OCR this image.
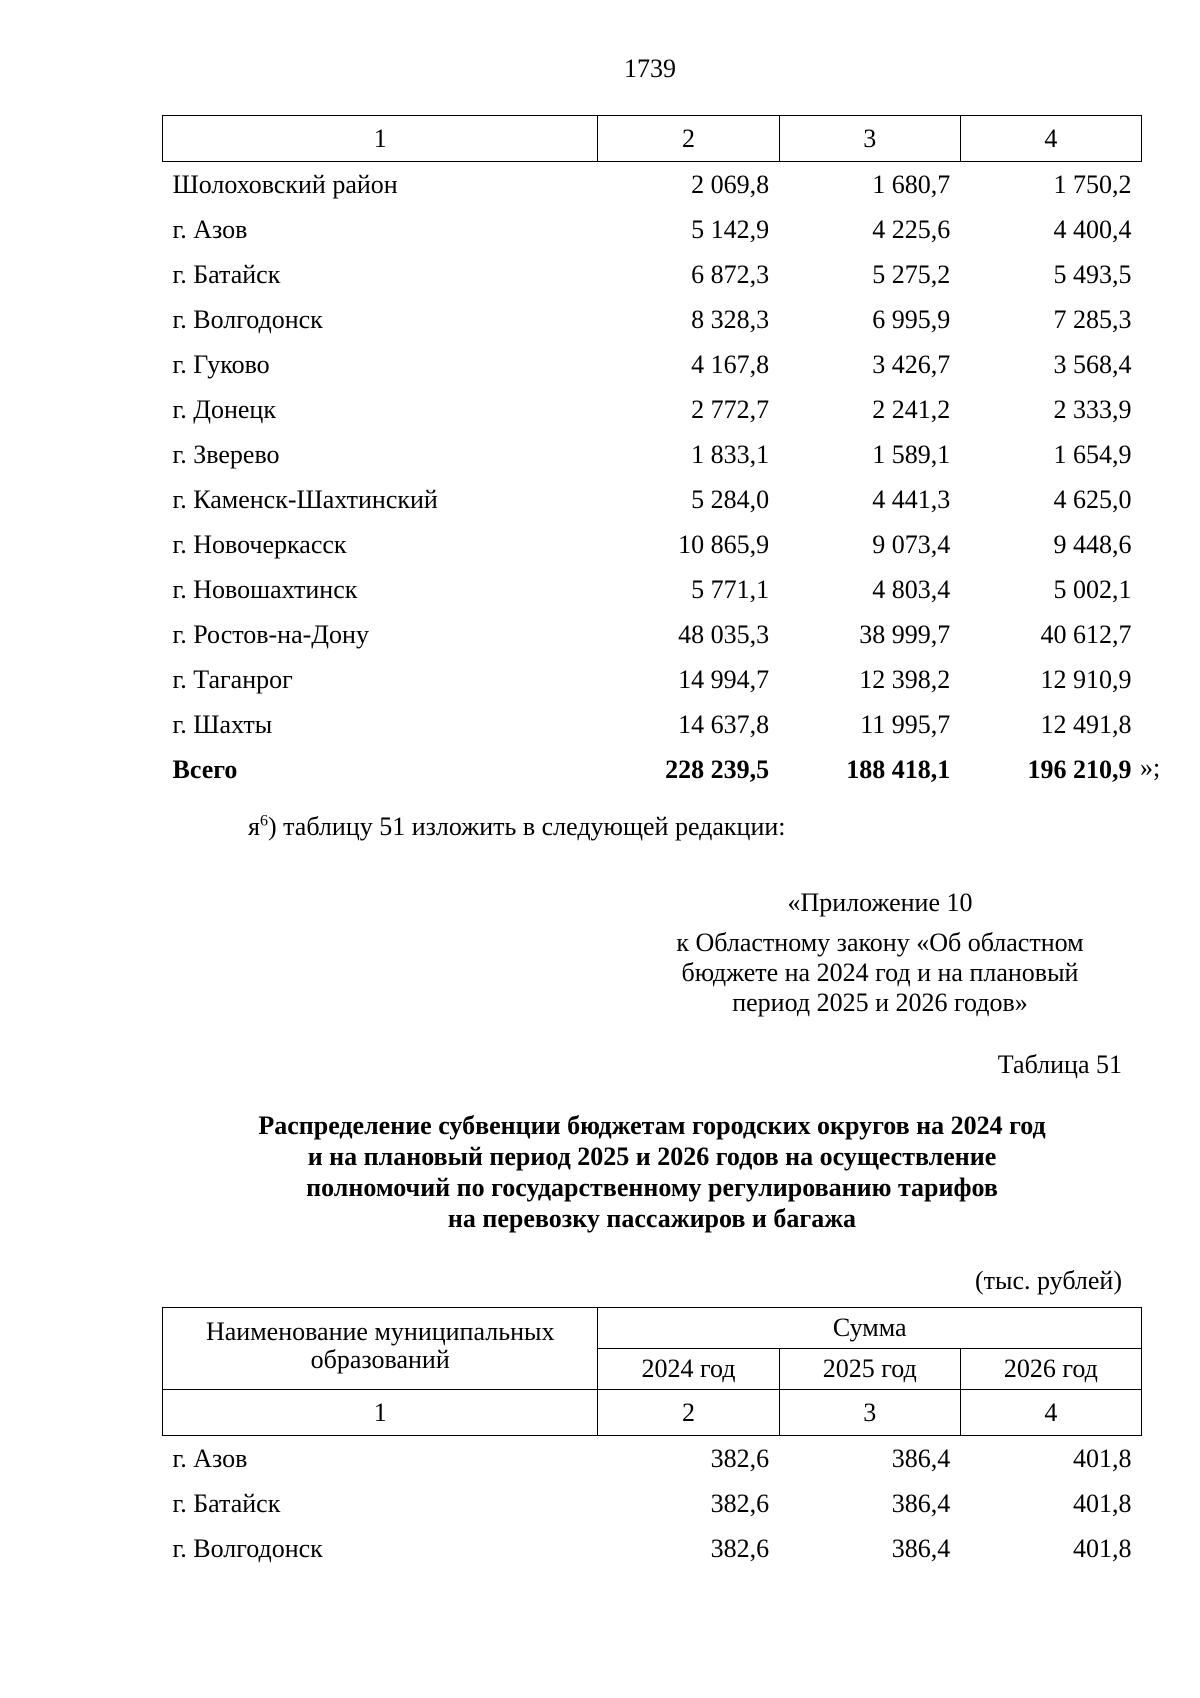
1739
1	2	3	4
Шолоховский район	2 069,8	1 680,7	1 750,2
г. Азов	5 142,9	4 225,6	4 400,4
г. Батайск	6 872,3	5 275,2	5 493,5
г. Волгодонск	8 328,3	6 995,9	7 285,3
г. Гуково	4 167,8	3 426,7	3 568,4
г. Донецк	2 772,7	2 241,2	2 333,9
г. Зверево	1 833,1	1 589,1	1 654,9
г. Каменск-Шахтинский	5 284,0	4 441,3	4 625,0
г. Новочеркасск	10 865,9	9 073,4	9 448,6
г. Новошахтинск	5 771,1	4 803,4	5 002,1
г. Ростов-на-Дону	48 035,3	38 999,7	40 612,7
г. Таганрог	14 994,7	12 398,2	12 910,9
г. Шахты	14 637,8	11 995,7	12 491,8
Всего	228 239,5	188 418,1	196 210,9 »;
$я^6$) таблицу 51 изложить в следующей редакции:
«Приложение 10
к Областному закону «Об областном
бюджете на 2024 год и на плановый
период 2025 и 2026 годов»
Таблица 51
Распределение субвенции бюджетам городских округов на 2024 год
и на плановый период 2025 и 2026 годов на осуществление
полномочий по государственному регулированию тарифов
на перевозку пассажиров и багажа
(тыс. рублей)
Наименование муниципальных образований	Сумма		
	2024 год	2025 год	2026 год
1	2	3	4
г. Азов	382,6	386,4	401,8
г. Батайск	382,6	386,4	401,8
г. Волгодонск	382,6	386,4	401,8
